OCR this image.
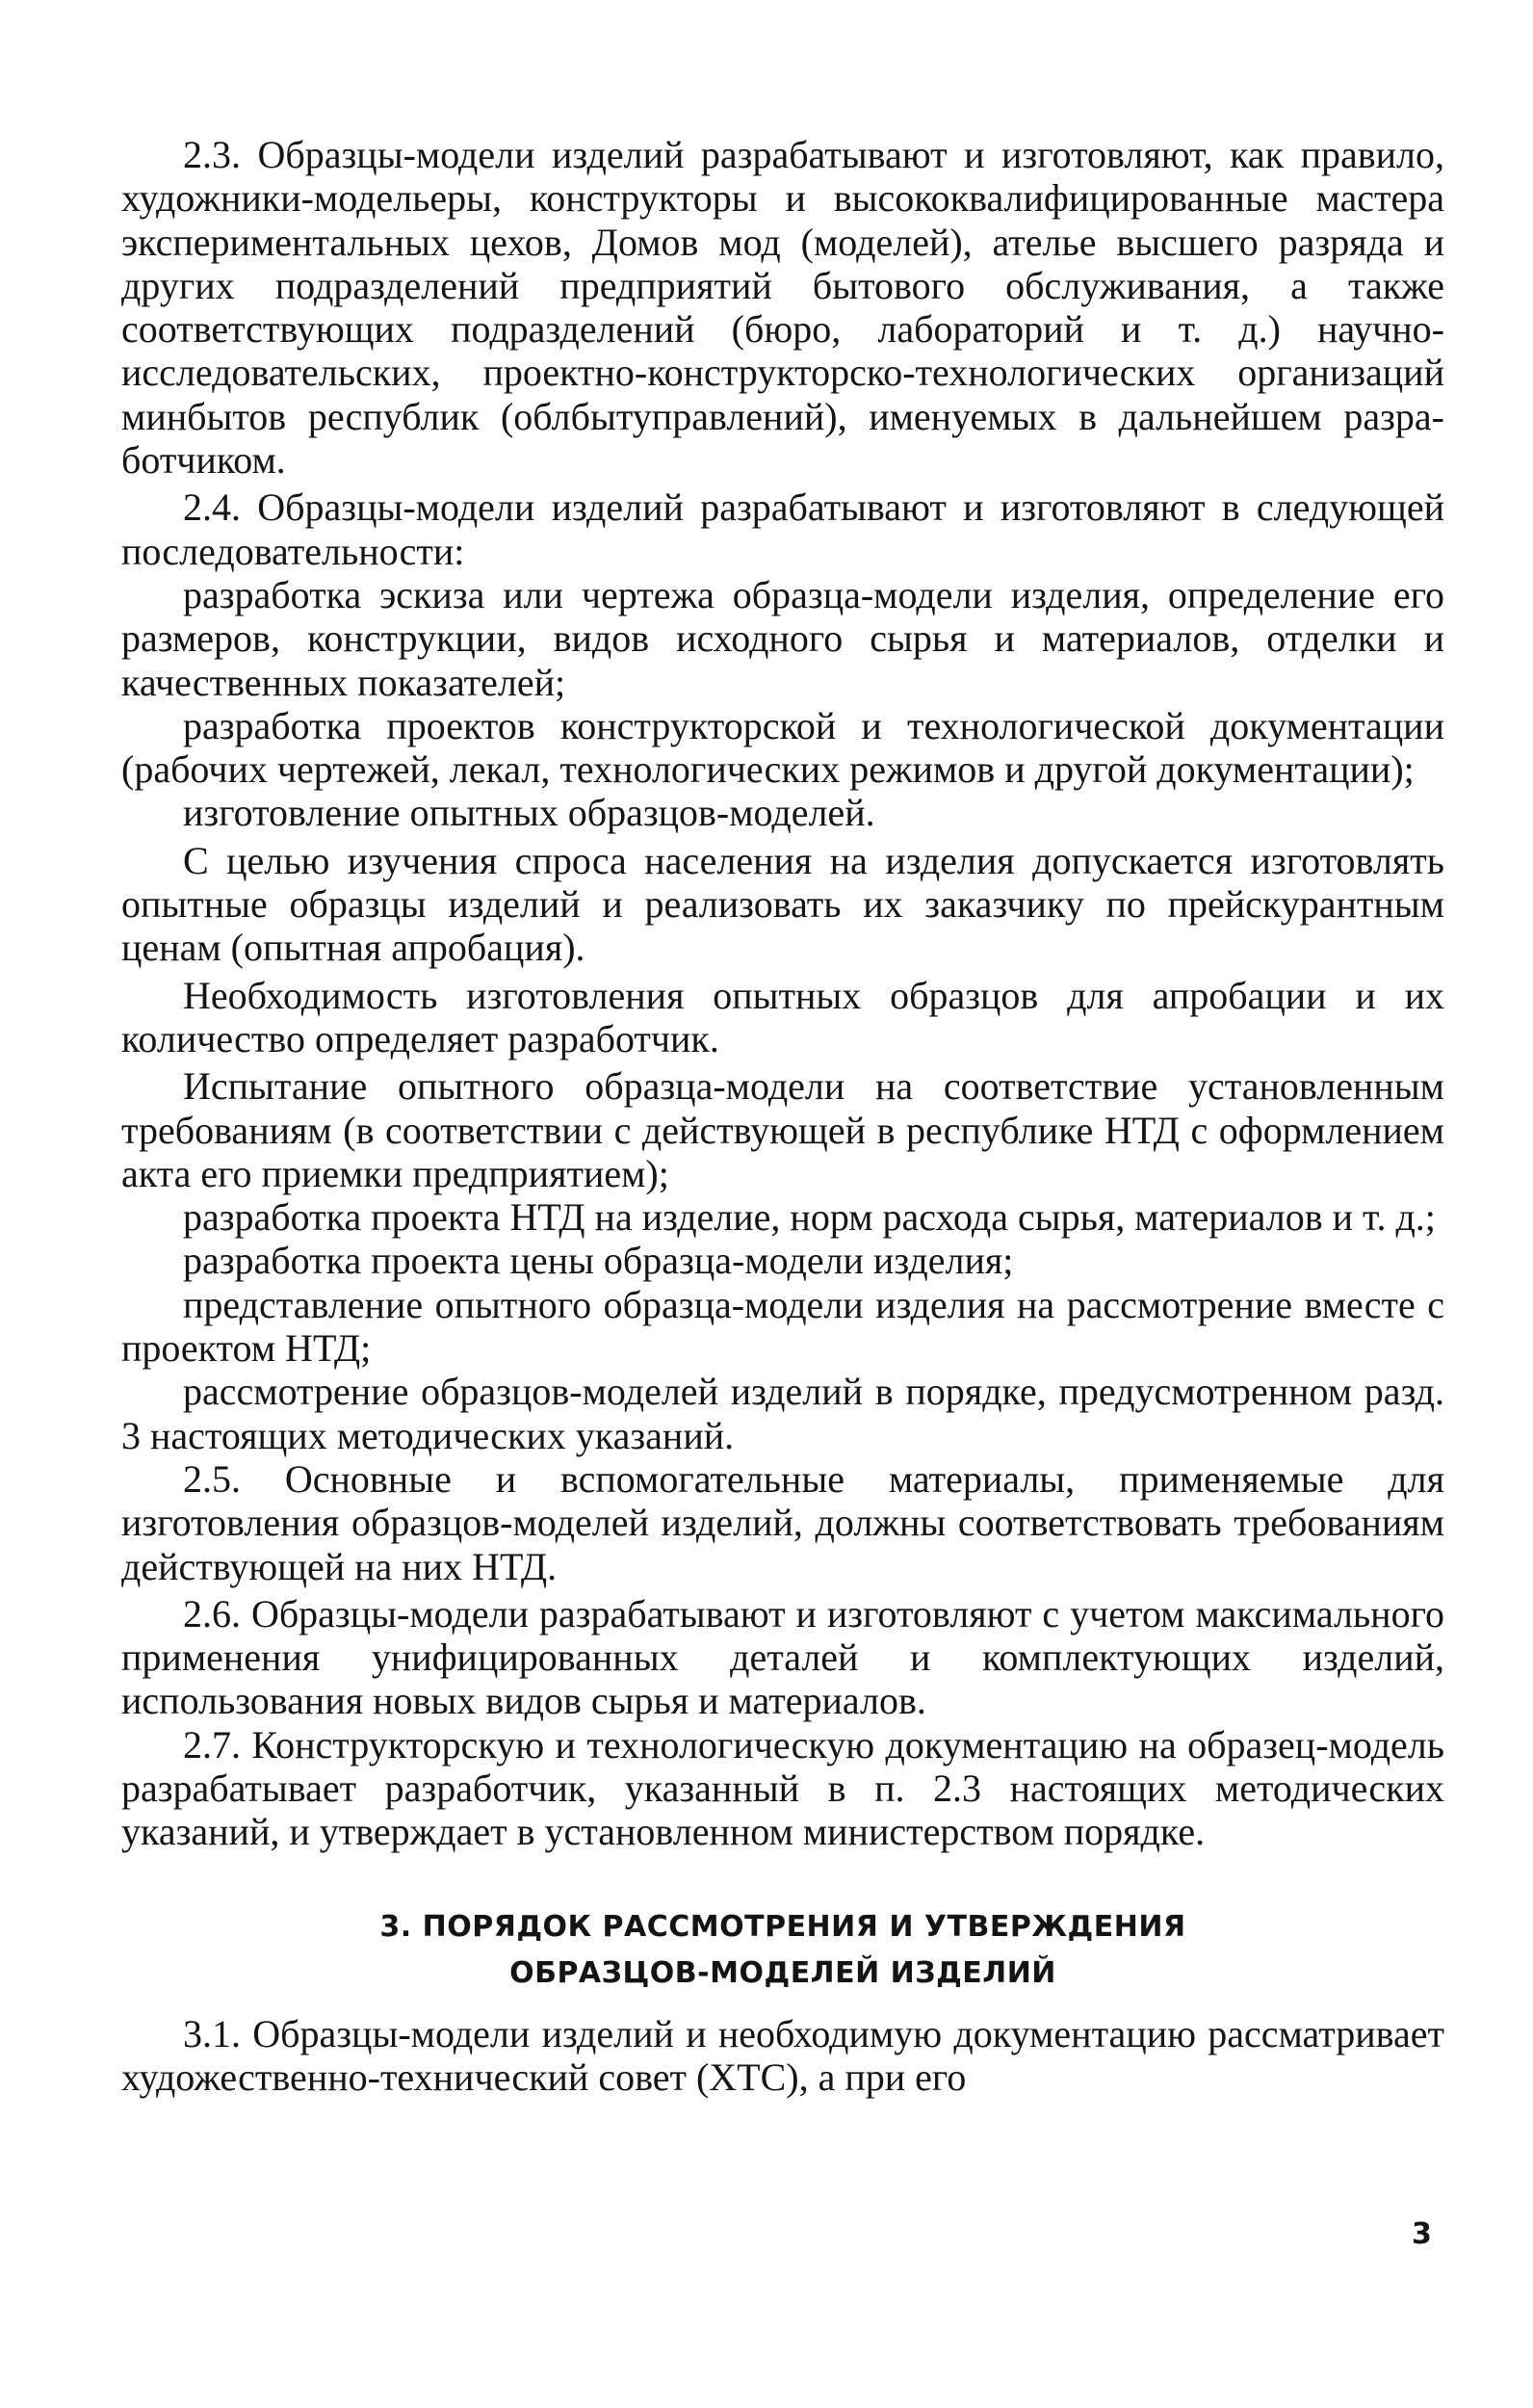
2.3. Образцы-модели изделий разрабатывают и изготовляют, как правило, художники-модельеры, конструкторы и высококвалифицированные мастера экспериментальных цехов, Домов мод (моделей), ателье высшего разряда и других подразделений предприятий бытового обслуживания, а также соответствующих подразделений (бюро, лабораторий и т. д.) научно-исследовательских, проектно-конструкторско-технологических организаций минбытов республик (облбытуправлений), именуемых в дальнейшем разработчиком.

2.4. Образцы-модели изделий разрабатывают и изготовляют в следующей последовательности:

разработка эскиза или чертежа образца-модели изделия, определение его размеров, конструкции, видов исходного сырья и материалов, отделки и качественных показателей;

разработка проектов конструкторской и технологической документации (рабочих чертежей, лекал, технологических режимов и другой документации);

изготовление опытных образцов-моделей.

С целью изучения спроса населения на изделия допускается изготовлять опытные образцы изделий и реализовать их заказчику по прейскурантным ценам (опытная апробация).

Необходимость изготовления опытных образцов для апробации и их количество определяет разработчик.

Испытание опытного образца-модели на соответствие установленным требованиям (в соответствии с действующей в республике НТД с оформлением акта его приемки предприятием);

разработка проекта НТД на изделие, норм расхода сырья, материалов и т. д.;

разработка проекта цены образца-модели изделия;

представление опытного образца-модели изделия на рассмотрение вместе с проектом НТД;

рассмотрение образцов-моделей изделий в порядке, предусмотренном разд. 3 настоящих методических указаний.

2.5. Основные и вспомогательные материалы, применяемые для изготовления образцов-моделей изделий, должны соответствовать требованиям действующей на них НТД.

2.6. Образцы-модели разрабатывают и изготовляют с учетом максимального применения унифицированных деталей и комплектующих изделий, использования новых видов сырья и материалов.

2.7. Конструкторскую и технологическую документацию на образец-модель разрабатывает разработчик, указанный в п. 2.3 настоящих методических указаний, и утверждает в установленном министерством порядке.

3. ПОРЯДОК РАССМОТРЕНИЯ И УТВЕРЖДЕНИЯ
ОБРАЗЦОВ-МОДЕЛЕЙ ИЗДЕЛИЙ

3.1. Образцы-модели изделий и необходимую документацию рассматривает художественно-технический совет (ХТС), а при его

3
